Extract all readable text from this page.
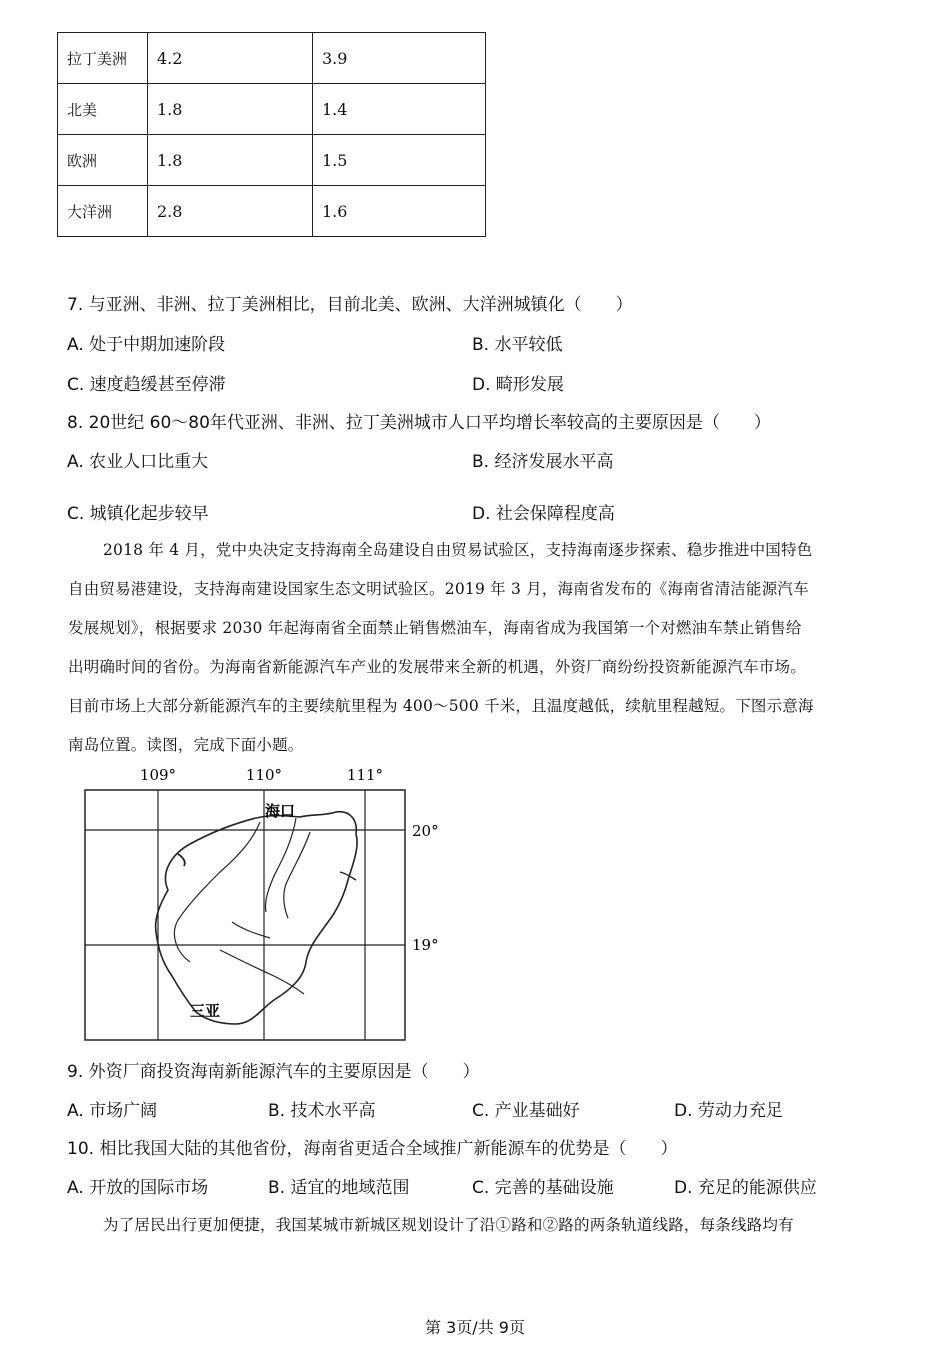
拉丁美洲	4.2	3.9
北美	1.8	1.4
欧洲	1.8	1.5
大洋洲	2.8	1.6
7. 与亚洲、非洲、拉丁美洲相比，目前北美、欧洲、大洋洲城镇化（　　）
A. 处于中期加速阶段	B. 水平较低
C. 速度趋缓甚至停滞	D. 畸形发展
8. 20世纪 60～80年代亚洲、非洲、拉丁美洲城市人口平均增长率较高的主要原因是（　　）
A. 农业人口比重大	B. 经济发展水平高
C. 城镇化起步较早	D. 社会保障程度高
2018 年 4 月，党中央决定支持海南全岛建设自由贸易试验区，支持海南逐步探索、稳步推进中国特色
自由贸易港建设，支持海南建设国家生态文明试验区。2019 年 3 月，海南省发布的《海南省清洁能源汽车
发展规划》，根据要求 2030 年起海南省全面禁止销售燃油车，海南省成为我国第一个对燃油车禁止销售给
出明确时间的省份。为海南省新能源汽车产业的发展带来全新的机遇，外资厂商纷纷投资新能源汽车市场。
目前市场上大部分新能源汽车的主要续航里程为 400～500 千米，且温度越低，续航里程越短。下图示意海
南岛位置。读图，完成下面小题。
109°	110°	111°
20°
19°
海口
三亚
9. 外资厂商投资海南新能源汽车的主要原因是（　　）
A. 市场广阔	B. 技术水平高	C. 产业基础好	D. 劳动力充足
10. 相比我国大陆的其他省份，海南省更适合全域推广新能源车的优势是（　　）
A. 开放的国际市场	B. 适宜的地域范围	C. 完善的基础设施	D. 充足的能源供应
为了居民出行更加便捷，我国某城市新城区规划设计了沿①路和②路的两条轨道线路，每条线路均有
第 3页/共 9页
